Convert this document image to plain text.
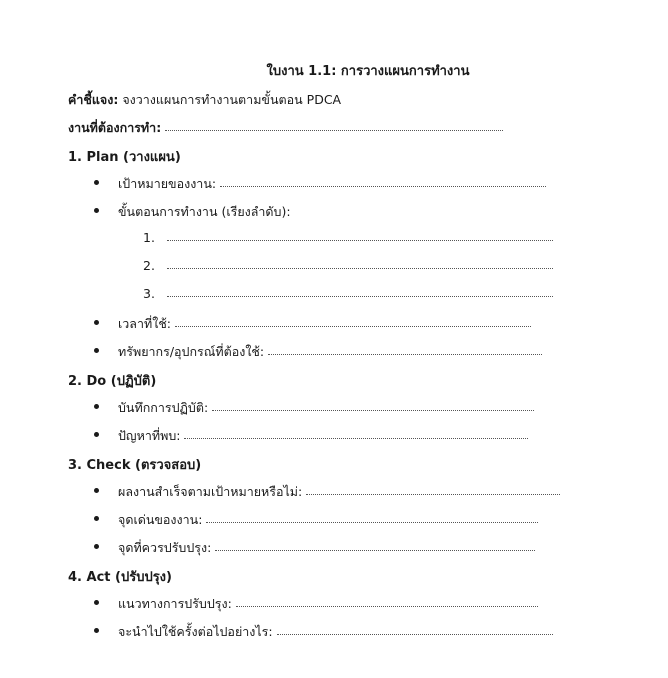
ใบงาน 1.1: การวางแผนการทำงาน
คำชี้แจง: จงวางแผนการทำงานตามขั้นตอน PDCA
งานที่ต้องการทำ:
1. Plan (วางแผน)
เป้าหมายของงาน:
ขั้นตอนการทำงาน (เรียงลำดับ):
1.
2.
3.
เวลาที่ใช้:
ทรัพยากร/อุปกรณ์ที่ต้องใช้:
2. Do (ปฏิบัติ)
บันทึกการปฏิบัติ:
ปัญหาที่พบ:
3. Check (ตรวจสอบ)
ผลงานสำเร็จตามเป้าหมายหรือไม่:
จุดเด่นของงาน:
จุดที่ควรปรับปรุง:
4. Act (ปรับปรุง)
แนวทางการปรับปรุง:
จะนำไปใช้ครั้งต่อไปอย่างไร:
